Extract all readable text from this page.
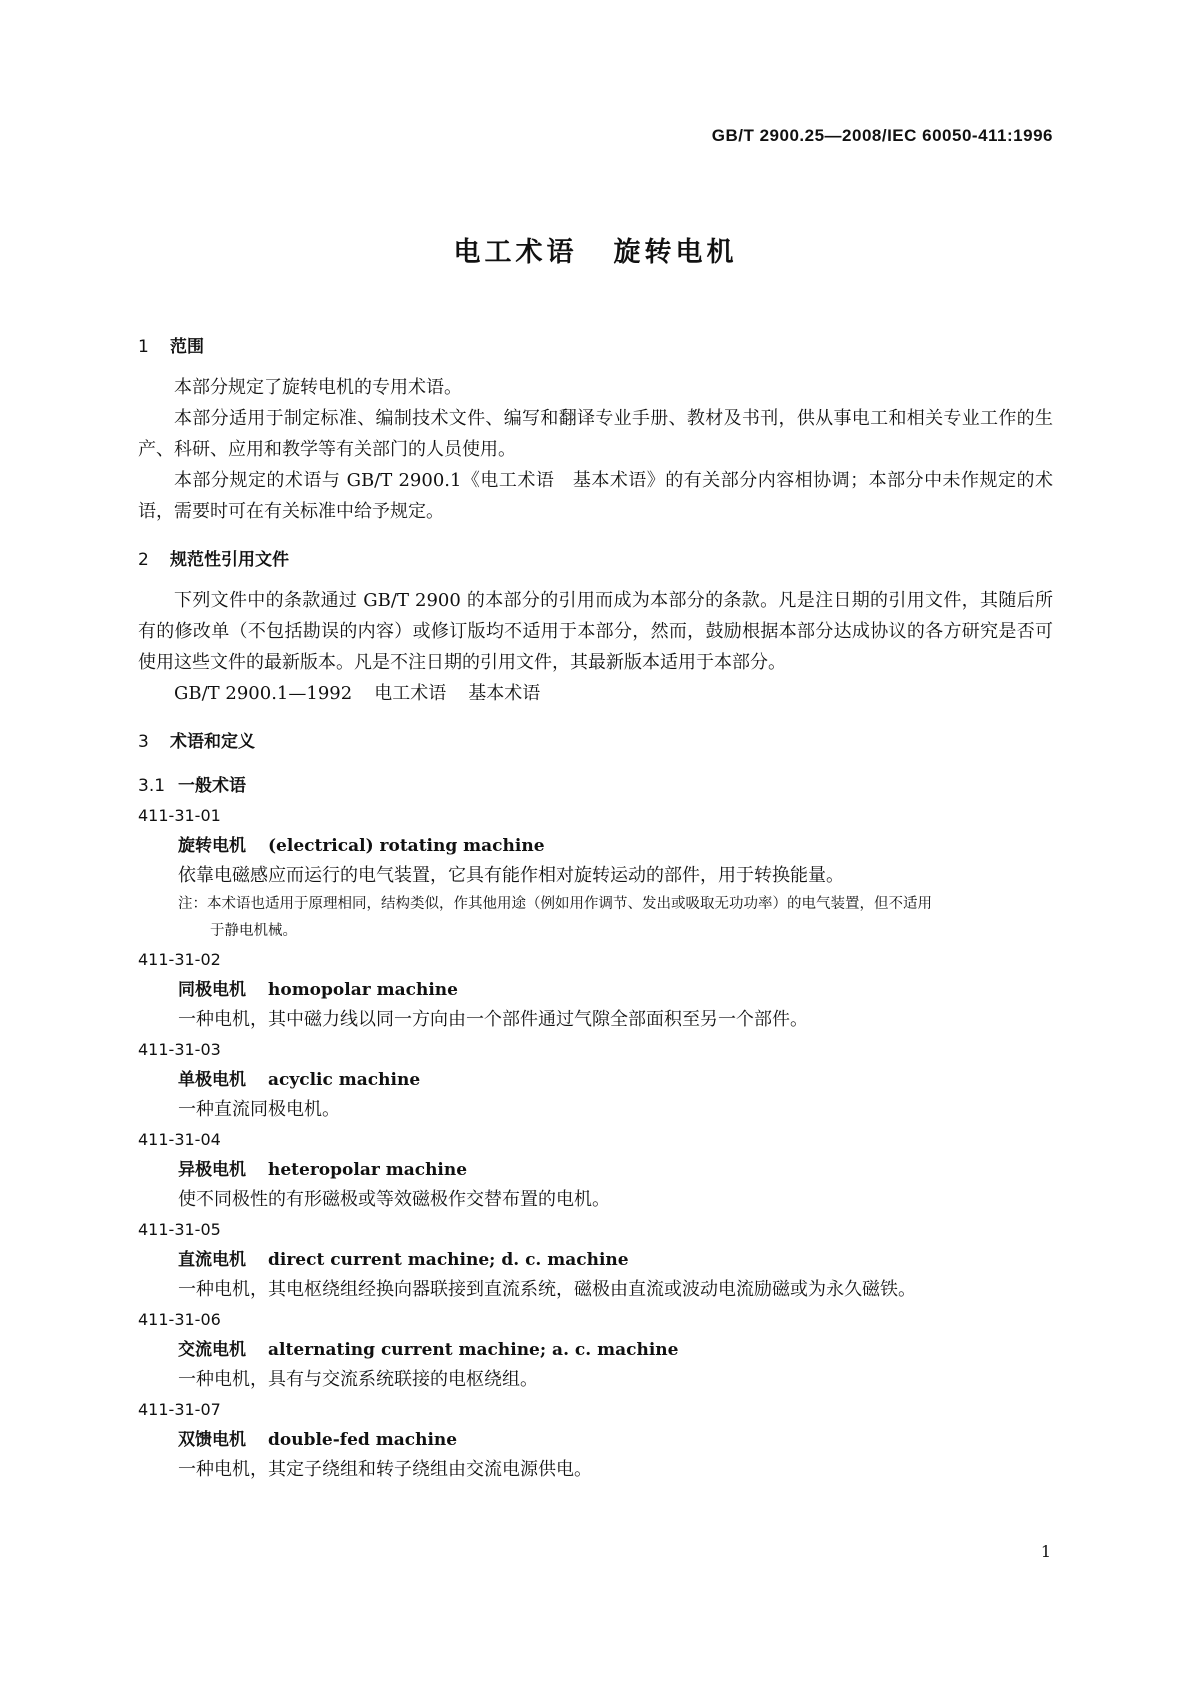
GB/T 2900.25—2008/IEC 60050-411:1996
电工术语 旋转电机
1 范围

本部分规定了旋转电机的专用术语。

本部分适用于制定标准、编制技术文件、编写和翻译专业手册、教材及书刊，供从事电工和相关专业工作的生产、科研、应用和教学等有关部门的人员使用。

本部分规定的术语与 GB/T 2900.1《电工术语　基本术语》的有关部分内容相协调；本部分中未作规定的术语，需要时可在有关标准中给予规定。

2 规范性引用文件

下列文件中的条款通过 GB/T 2900 的本部分的引用而成为本部分的条款。凡是注日期的引用文件，其随后所有的修改单（不包括勘误的内容）或修订版均不适用于本部分，然而，鼓励根据本部分达成协议的各方研究是否可使用这些文件的最新版本。凡是不注日期的引用文件，其最新版本适用于本部分。

GB/T 2900.1—1992 电工术语 基本术语

3 术语和定义
3.1 一般术语
411-31-01
旋转电机 (electrical) rotating machine
依靠电磁感应而运行的电气装置，它具有能作相对旋转运动的部件，用于转换能量。
注：本术语也适用于原理相同，结构类似，作其他用途（例如用作调节、发出或吸取无功功率）的电气装置，但不适用
于静电机械。
411-31-02
同极电机 homopolar machine
一种电机，其中磁力线以同一方向由一个部件通过气隙全部面积至另一个部件。
411-31-03
单极电机 acyclic machine
一种直流同极电机。
411-31-04
异极电机 heteropolar machine
使不同极性的有形磁极或等效磁极作交替布置的电机。
411-31-05
直流电机 direct current machine; d. c. machine
一种电机，其电枢绕组经换向器联接到直流系统，磁极由直流或波动电流励磁或为永久磁铁。
411-31-06
交流电机 alternating current machine; a. c. machine
一种电机，具有与交流系统联接的电枢绕组。
411-31-07
双馈电机 double-fed machine
一种电机，其定子绕组和转子绕组由交流电源供电。
1
